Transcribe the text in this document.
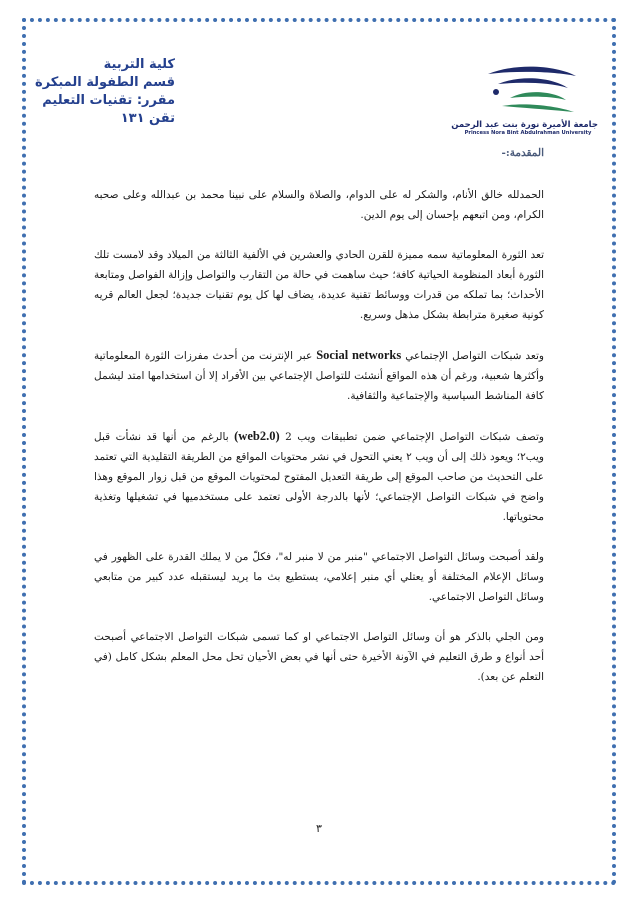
كلية التربية
قسم الطفولة المبكرة
مقرر: تقنيات التعليم
تقن ١٣١	جامعة الأميرة نورة بنت عبد الرحمن
Princess Nora Bint Abdulrahman University
المقدمة:-

الحمدلله خالق الأنام، والشكر له على الدوام، والصلاة والسلام على نبينا محمد بن عبدالله وعلى صحبه الكرام، ومن اتبعهم بإحسان إلى يوم الدين.

تعد الثورة المعلوماتية سمه مميزة للقرن الحادي والعشرين في الألفية الثالثة من الميلاد وقد لامست تلك الثورة أبعاد المنظومة الحياتية كافة؛ حيث ساهمت في حالة من التقارب والتواصل وإزالة الفواصل ومتابعة الأحداث؛ بما تملكه من قدرات ووسائط تقنية عديدة، يضاف لها كل يوم تقنيات جديدة؛ لجعل العالم قريه كونية صغيرة مترابطة بشكل مذهل وسريع.

وتعد شبكات التواصل الإجتماعي Social networks عبر الإنترنت من أحدث مفرزات الثورة المعلوماتية وأكثرها شعبية، ورغم أن هذه المواقع أنشئت للتواصل الإجتماعي بين الأفراد إلا أن استخدامها امتد ليشمل كافة المناشط السياسية والإجتماعية والثقافية.

وتصف شبكات التواصل الإجتماعي ضمن تطبيقات ويب 2 (web2.0) بالرغم من أنها قد نشأت قبل ويب٢؛ ويعود ذلك إلى أن ويب ٢ يعني التحول في نشر محتويات المواقع من الطريقة التقليدية التي تعتمد على التحديث من صاحب الموقع إلى طريقة التعديل المفتوح لمحتويات الموقع من قبل زوار الموقع وهذا واضح في شبكات التواصل الإجتماعي؛ لأنها بالدرجة الأولى تعتمد على مستخدميها في تشغيلها وتغذية محتوياتها.

ولقد أصبحت وسائل التواصل الاجتماعي "منبر من لا منبر له"، فكلّ من لا يملك القدرة على الظهور في وسائل الإعلام المختلفة أو يعتلي أي منبر إعلامي، يستطيع بث ما يريد ليستقبله عدد كبير من متابعي وسائل التواصل الاجتماعي.

ومن الجلي بالذكر هو أن وسائل التواصل الاجتماعي او كما تسمى شبكات التواصل الاجتماعي أصبحت أحد أنواع و طرق التعليم في الآونة الأخيرة حتى أنها في بعض الأحيان تحل محل المعلم بشكل كامل (في التعلم عن بعد).

٣
